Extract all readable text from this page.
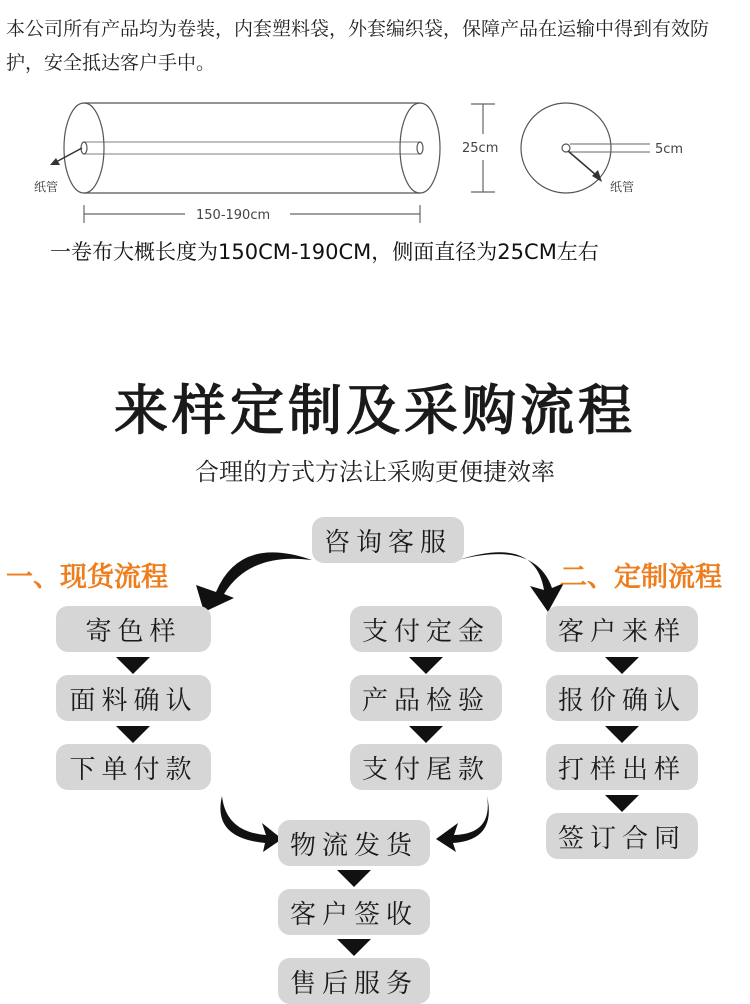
本公司所有产品均为卷装，内套塑料袋，外套编织袋，保障产品在运输中得到有效防护，安全抵达客户手中。

纸管
150-190cm
25cm	5cm
纸管
一卷布大概长度为150CM-190CM，侧面直径为25CM左右
来样定制及采购流程
合理的方式方法让采购更便捷效率
咨询客服
一、现货流程	二、定制流程
寄色样
面料确认
下单付款
支付定金
产品检验
支付尾款
客户来样
报价确认
打样出样
签订合同
物流发货
客户签收
售后服务
